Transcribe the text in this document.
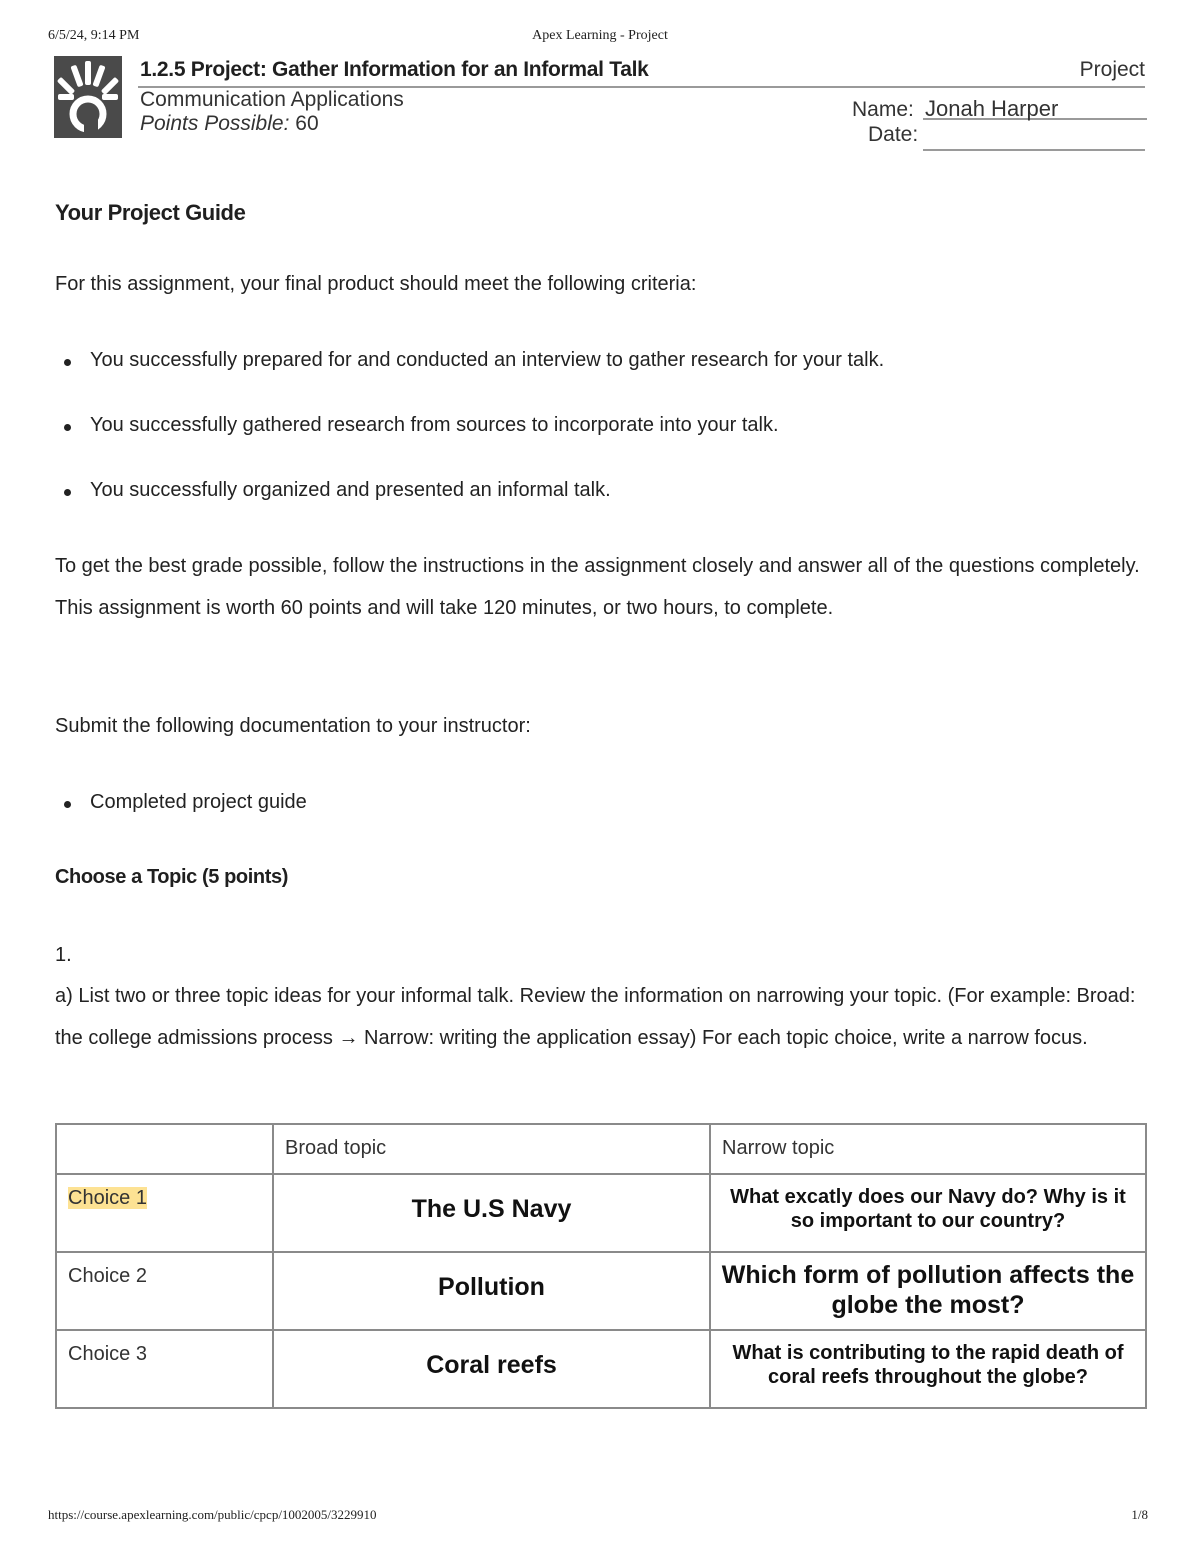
6/5/24, 9:14 PM	Apex Learning - Project
1.2.5 Project: Gather Information for an Informal Talk	Project
Communication Applications
Points Possible: 60
Name: Jonah Harper
Date:
Your Project Guide
For this assignment, your final product should meet the following criteria:
You successfully prepared for and conducted an interview to gather research for your talk.
You successfully gathered research from sources to incorporate into your talk.
You successfully organized and presented an informal talk.
To get the best grade possible, follow the instructions in the assignment closely and answer all of the questions completely. This assignment is worth 60 points and will take 120 minutes, or two hours, to complete.
Submit the following documentation to your instructor:
Completed project guide
Choose a Topic (5 points)
1.
a) List two or three topic ideas for your informal talk. Review the information on narrowing your topic. (For example: Broad: the college admissions process → Narrow: writing the application essay) For each topic choice, write a narrow focus.

	Broad topic	Narrow topic

Choice 1	The U.S Navy	What excatly does our Navy do? Why is it so important to our country?

Choice 2	Pollution	Which form of pollution affects the globe the most?

Choice 3	Coral reefs	What is contributing to the rapid death of coral reefs throughout the globe?
https://course.apexlearning.com/public/cpcp/1002005/3229910	1/8
